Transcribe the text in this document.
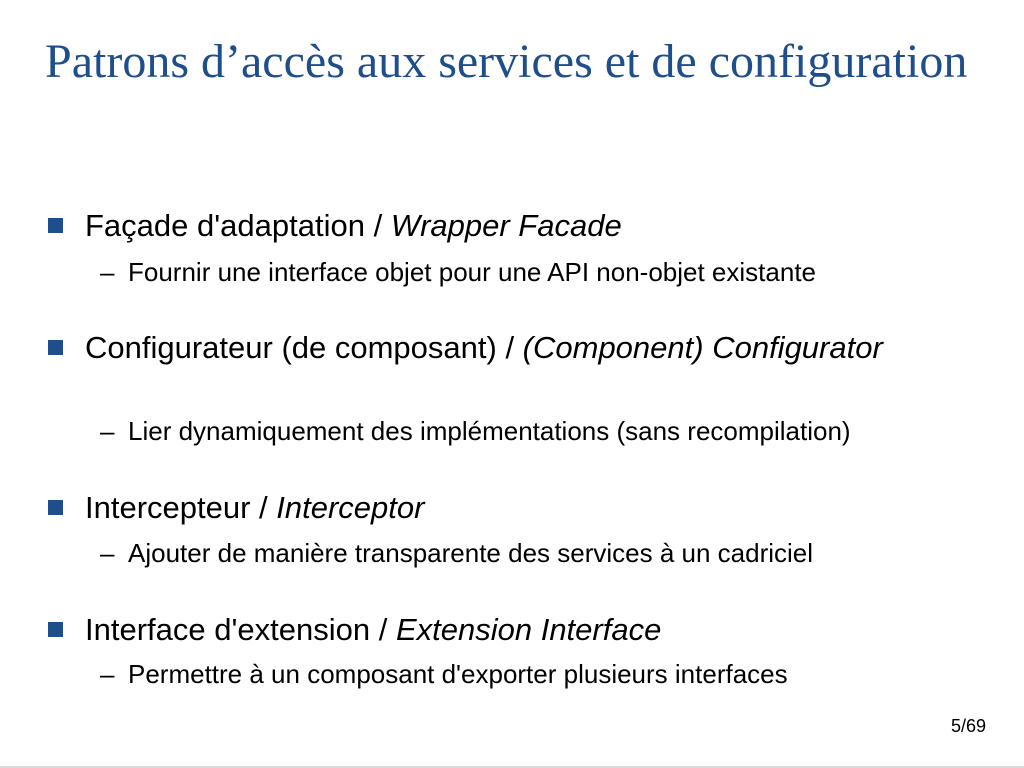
Patrons d’accès aux services et de configuration

Façade d'adaptation / Wrapper Facade

– Fournir une interface objet pour une API non-objet existante

Configurateur (de composant) / (Component) Configurator

– Lier dynamiquement des implémentations (sans recompilation)

Intercepteur / Interceptor

– Ajouter de manière transparente des services à un cadriciel

Interface d'extension / Extension Interface

– Permettre à un composant d'exporter plusieurs interfaces

5/69
